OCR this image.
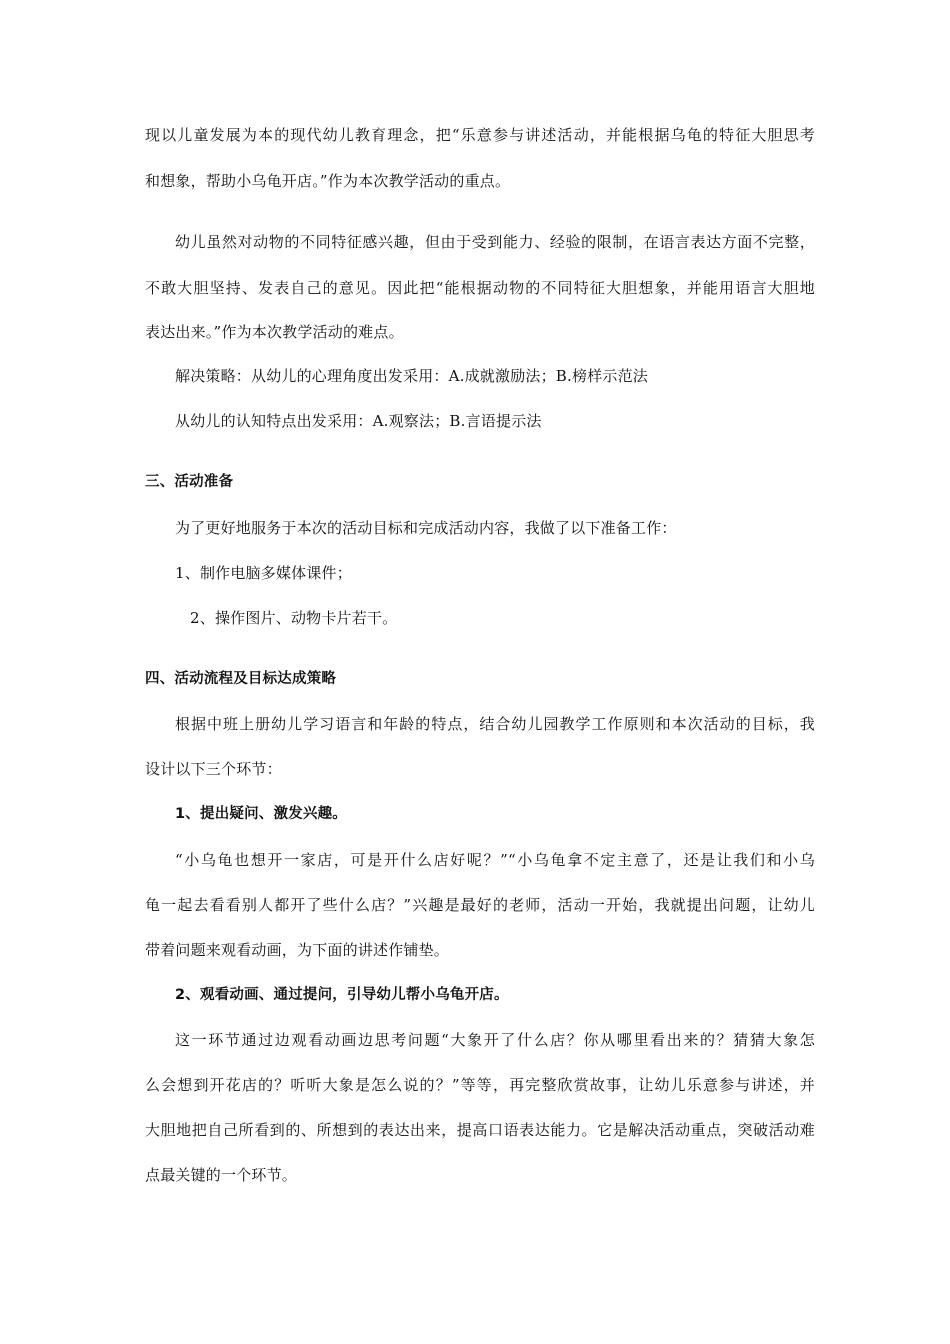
现以儿童发展为本的现代幼儿教育理念，把“乐意参与讲述活动，并能根据乌龟的特征大胆思考
和想象，帮助小乌龟开店。”作为本次教学活动的重点。
幼儿虽然对动物的不同特征感兴趣，但由于受到能力、经验的限制，在语言表达方面不完整，
不敢大胆坚持、发表自己的意见。因此把“能根据动物的不同特征大胆想象，并能用语言大胆地
表达出来。”作为本次教学活动的难点。
解决策略：从幼儿的心理角度出发采用：A.成就激励法；B.榜样示范法
从幼儿的认知特点出发采用：A.观察法；B.言语提示法
三、活动准备
为了更好地服务于本次的活动目标和完成活动内容，我做了以下准备工作：
1、制作电脑多媒体课件；
2、操作图片、动物卡片若干。
四、活动流程及目标达成策略
根据中班上册幼儿学习语言和年龄的特点，结合幼儿园教学工作原则和本次活动的目标，我
设计以下三个环节：
1、提出疑问、激发兴趣。
“小乌龟也想开一家店，可是开什么店好呢？”“小乌龟拿不定主意了，还是让我们和小乌
龟一起去看看别人都开了些什么店？”兴趣是最好的老师，活动一开始，我就提出问题，让幼儿
带着问题来观看动画，为下面的讲述作铺垫。
2、观看动画、通过提问，引导幼儿帮小乌龟开店。
这一环节通过边观看动画边思考问题“大象开了什么店？你从哪里看出来的？猜猜大象怎
么会想到开花店的？听听大象是怎么说的？”等等，再完整欣赏故事，让幼儿乐意参与讲述，并
大胆地把自己所看到的、所想到的表达出来，提高口语表达能力。它是解决活动重点，突破活动难
点最关键的一个环节。
